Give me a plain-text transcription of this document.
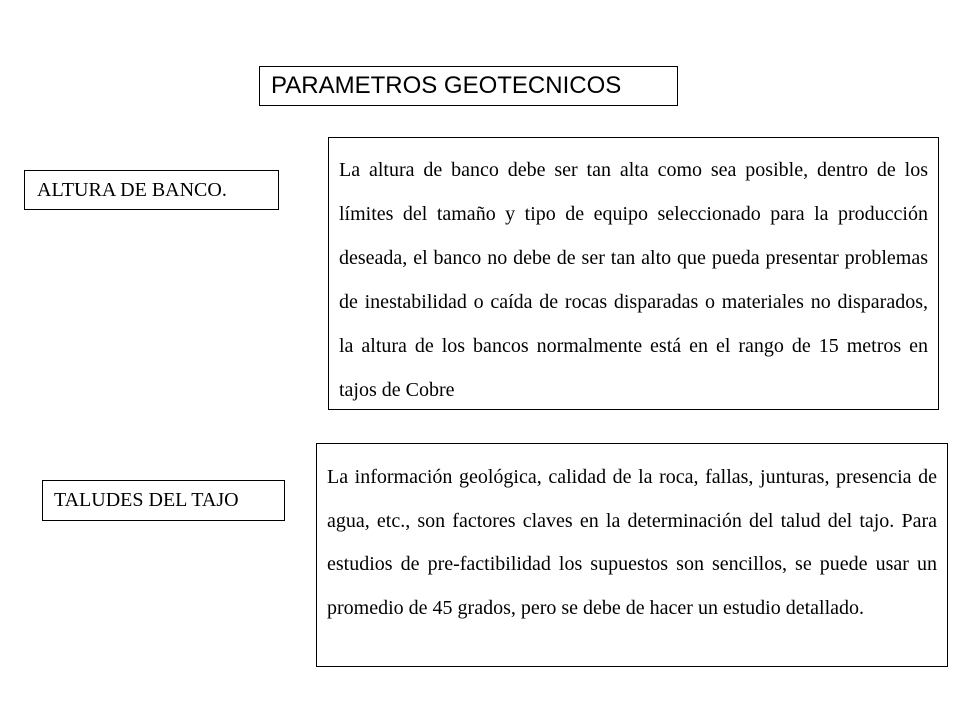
PARAMETROS GEOTECNICOS
ALTURA DE BANCO.
La altura de banco debe ser tan alta como sea posible, dentro de los límites del tamaño y tipo de equipo seleccionado para la producción deseada, el banco no debe de ser tan alto que pueda presentar problemas de inestabilidad o caída de rocas disparadas o materiales no disparados, la altura de los bancos normalmente está en el rango de 15 metros en tajos de Cobre
TALUDES DEL TAJO
La información geológica, calidad de la roca, fallas, junturas, presencia de agua, etc., son factores claves en la determinación del talud del tajo. Para estudios de pre-factibilidad los supuestos son sencillos, se puede usar un promedio de 45 grados, pero se debe de hacer un estudio detallado.
